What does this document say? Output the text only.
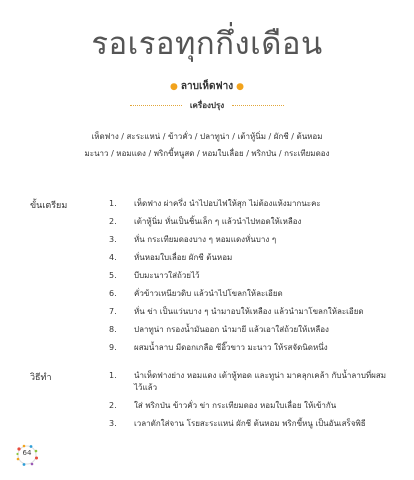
รอเรอทุกกึ่งเดือน
● ลาบเห็ดฟาง ●
เครื่องปรุง
เห็ดฟาง / สะระแหน่ / ข้าวคั่ว / ปลาทูน่า / เต้าหู้นิ่ม / ผักชี / ต้นหอม
มะนาว / หอมแดง / พริกขี้หนูสด / หอมใบเลื่อย / พริกป่น / กระเทียมดอง
ขั้นเตรียม	1. เห็ดฟาง ผ่าครึ่ง นำไปอบไฟให้สุก ไม่ต้องแห้งมากนะคะ
2. เต้าหู้นิ่ม หั่นเป็นชิ้นเล็ก ๆ แล้วนำไปทอดให้เหลือง
3. หั่น กระเทียมดองบาง ๆ หอมแดงหั่นบาง ๆ
4. หั่นหอมใบเลื่อย ผักชี ต้นหอม
5. บีบมะนาวใส่ถ้วยไว้
6. คั่วข้าวเหนียวดิบ แล้วนำไปโขลกให้ละเอียด
7. หั่น ข่า เป็นแว่นบาง ๆ นำมาอบให้เหลือง แล้วนำมาโขลกให้ละเอียด
8. ปลาทูน่า กรองน้ำมันออก นำมายี แล้วเอาใส่ถ้วยให้เหลือง
9. ผสมน้ำลาบ มีดอกเกลือ ซีอิ๊วขาว มะนาว ให้รสจัดนิดหนึ่ง
วิธีทำ	1. นำเห็ดฟางย่าง หอมแดง เต้าหู้ทอด และทูน่า มาคลุกเคล้า กับน้ำลาบที่ผสมไว้แล้ว
2. ใส่ พริกป่น ข้าวคั่ว ข่า กระเทียมดอง หอมใบเลื่อย ให้เข้ากัน
3. เวลาตักใส่จาน โรยสะระแหน่ ผักชี ต้นหอม พริกขี้หนู เป็นอันเสร็จพิธี
64
